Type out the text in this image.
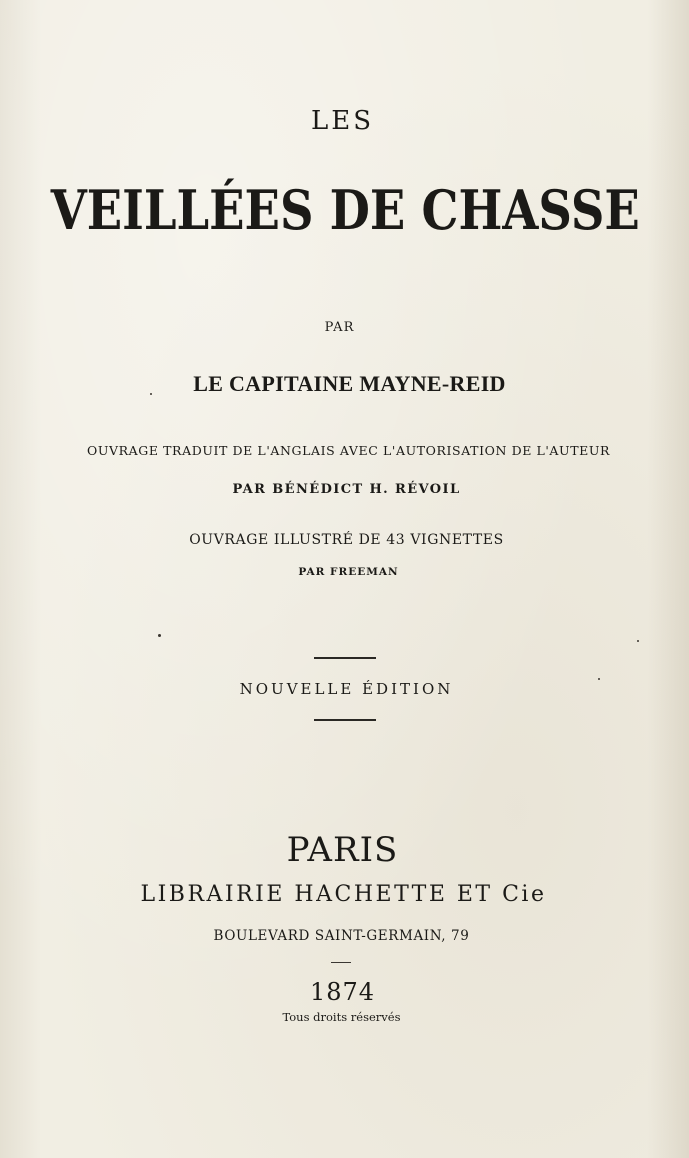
LES
VEILLÉES DE CHASSE
PAR
LE CAPITAINE MAYNE-REID
OUVRAGE TRADUIT DE L'ANGLAIS AVEC L'AUTORISATION DE L'AUTEUR
PAR BÉNÉDICT H. RÉVOIL
OUVRAGE ILLUSTRÉ DE 43 VIGNETTES
PAR FREEMAN
NOUVELLE ÉDITION
PARIS
LIBRAIRIE HACHETTE ET Cie
BOULEVARD SAINT-GERMAIN, 79
1874
Tous droits réservés
